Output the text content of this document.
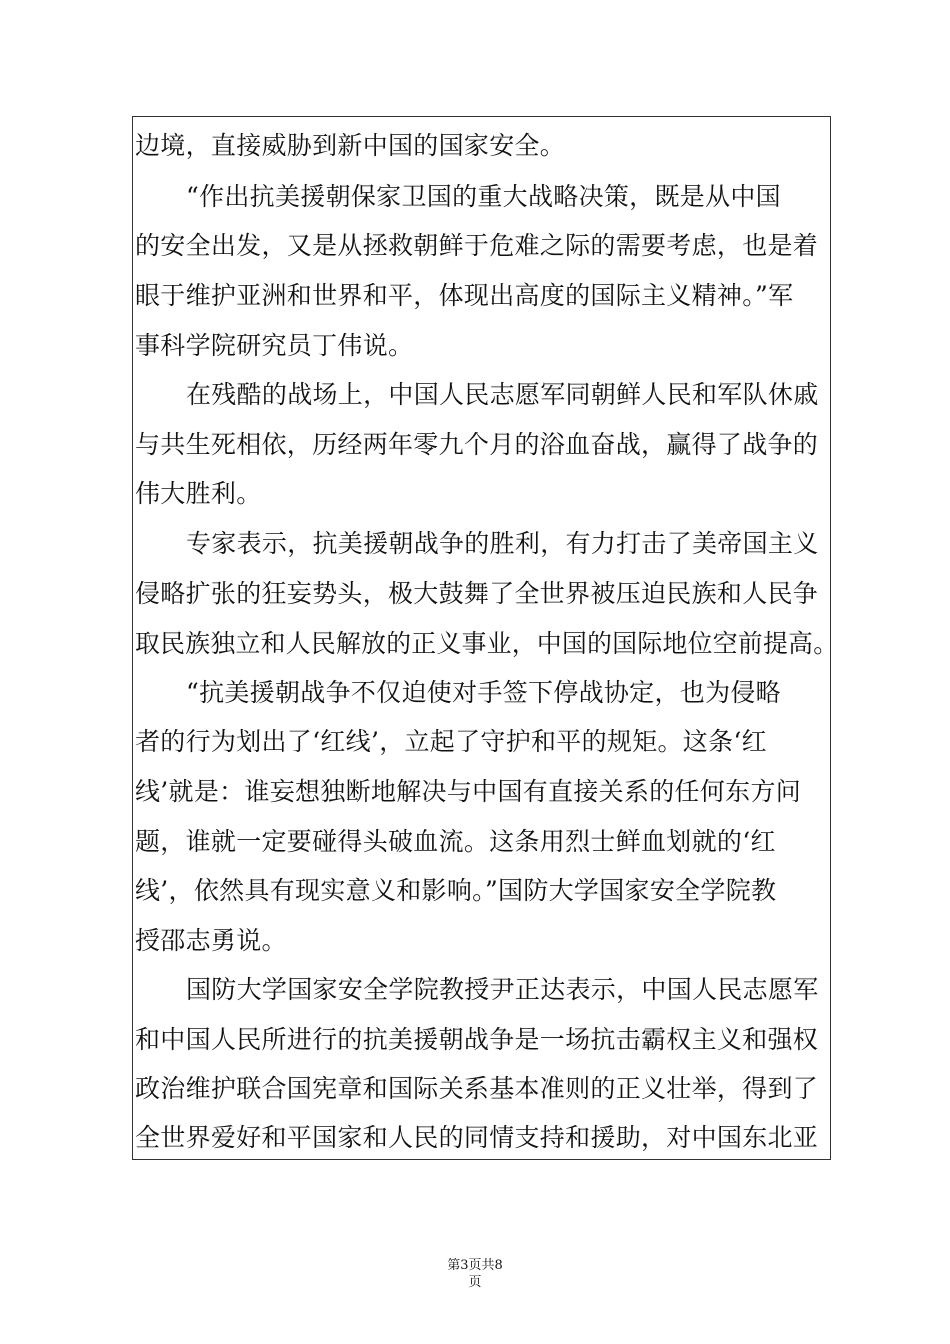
边境，直接威胁到新中国的国家安全。
“作出抗美援朝保家卫国的重大战略决策，既是从中国
的安全出发，又是从拯救朝鲜于危难之际的需要考虑，也是着
眼于维护亚洲和世界和平，体现出高度的国际主义精神。”军
事科学院研究员丁伟说。
在残酷的战场上，中国人民志愿军同朝鲜人民和军队休戚
与共生死相依，历经两年零九个月的浴血奋战，赢得了战争的
伟大胜利。
专家表示，抗美援朝战争的胜利，有力打击了美帝国主义
侵略扩张的狂妄势头，极大鼓舞了全世界被压迫民族和人民争
取民族独立和人民解放的正义事业，中国的国际地位空前提高。
“抗美援朝战争不仅迫使对手签下停战协定，也为侵略
者的行为划出了‘红线’，立起了守护和平的规矩。这条‘红
线’就是：谁妄想独断地解决与中国有直接关系的任何东方问
题，谁就一定要碰得头破血流。这条用烈士鲜血划就的‘红
线’，依然具有现实意义和影响。”国防大学国家安全学院教
授邵志勇说。
国防大学国家安全学院教授尹正达表示，中国人民志愿军
和中国人民所进行的抗美援朝战争是一场抗击霸权主义和强权
政治维护联合国宪章和国际关系基本准则的正义壮举，得到了
全世界爱好和平国家和人民的同情支持和援助，对中国东北亚
第3页共8
页
